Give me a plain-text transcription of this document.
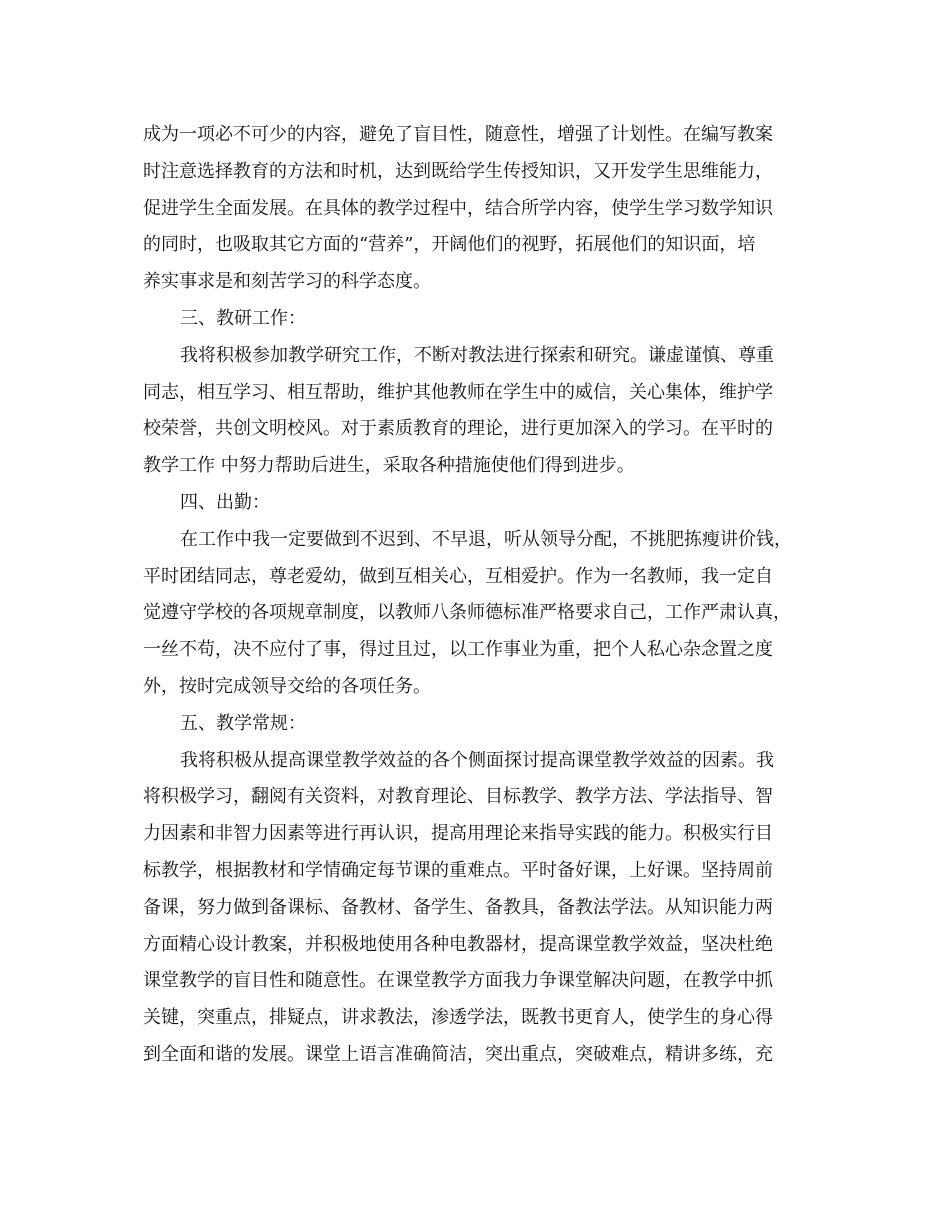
成为一项必不可少的内容，避免了盲目性，随意性，增强了计划性。在编写教案
时注意选择教育的方法和时机，达到既给学生传授知识，又开发学生思维能力，
促进学生全面发展。在具体的教学过程中，结合所学内容，使学生学习数学知识
的同时，也吸取其它方面的“营养”，开阔他们的视野，拓展他们的知识面，培
养实事求是和刻苦学习的科学态度。
三、教研工作：
我将积极参加教学研究工作，不断对教法进行探索和研究。谦虚谨慎、尊重
同志，相互学习、相互帮助，维护其他教师在学生中的威信，关心集体，维护学
校荣誉，共创文明校风。对于素质教育的理论，进行更加深入的学习。在平时的
教学工作 中努力帮助后进生，采取各种措施使他们得到进步。
四、出勤：
在工作中我一定要做到不迟到、不早退，听从领导分配，不挑肥拣瘦讲价钱，
平时团结同志，尊老爱幼，做到互相关心，互相爱护。作为一名教师，我一定自
觉遵守学校的各项规章制度，以教师八条师德标准严格要求自己，工作严肃认真，
一丝不苟，决不应付了事，得过且过，以工作事业为重，把个人私心杂念置之度
外，按时完成领导交给的各项任务。
五、教学常规：
我将积极从提高课堂教学效益的各个侧面探讨提高课堂教学效益的因素。我
将积极学习，翻阅有关资料，对教育理论、目标教学、教学方法、学法指导、智
力因素和非智力因素等进行再认识，提高用理论来指导实践的能力。积极实行目
标教学，根据教材和学情确定每节课的重难点。平时备好课，上好课。坚持周前
备课，努力做到备课标、备教材、备学生、备教具，备教法学法。从知识能力两
方面精心设计教案，并积极地使用各种电教器材，提高课堂教学效益，坚决杜绝
课堂教学的盲目性和随意性。在课堂教学方面我力争课堂解决问题，在教学中抓
关键，突重点，排疑点，讲求教法，渗透学法，既教书更育人，使学生的身心得
到全面和谐的发展。课堂上语言准确简洁，突出重点，突破难点，精讲多练，充
